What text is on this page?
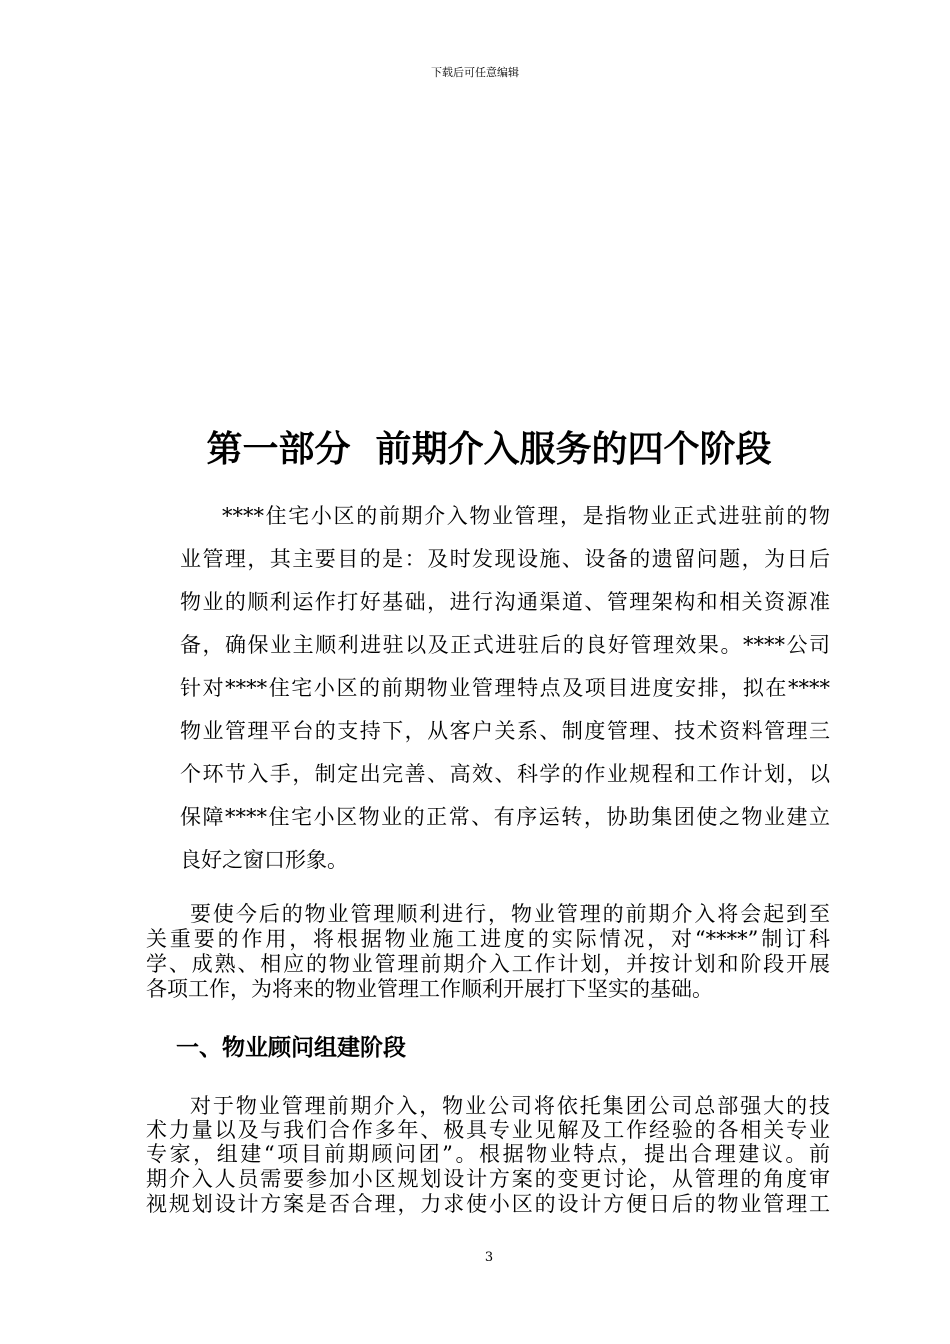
下载后可任意编辑
第一部分  前期介入服务的四个阶段
****住宅小区的前期介入物业管理，是指物业正式进驻前的物
业管理，其主要目的是：及时发现设施、设备的遗留问题，为日后
物业的顺利运作打好基础，进行沟通渠道、管理架构和相关资源准
备，确保业主顺利进驻以及正式进驻后的良好管理效果。****公司
针对****住宅小区的前期物业管理特点及项目进度安排，拟在****
物业管理平台的支持下，从客户关系、制度管理、技术资料管理三
个环节入手，制定出完善、高效、科学的作业规程和工作计划，以
保障****住宅小区物业的正常、有序运转，协助集团使之物业建立
良好之窗口形象。
要使今后的物业管理顺利进行，物业管理的前期介入将会起到至
关重要的作用，将根据物业施工进度的实际情况，对“****”制订科
学、成熟、相应的物业管理前期介入工作计划，并按计划和阶段开展
各项工作，为将来的物业管理工作顺利开展打下坚实的基础。
一、物业顾问组建阶段
对于物业管理前期介入，物业公司将依托集团公司总部强大的技
术力量以及与我们合作多年、极具专业见解及工作经验的各相关专业
专家，组建“项目前期顾问团”。根据物业特点，提出合理建议。前
期介入人员需要参加小区规划设计方案的变更讨论，从管理的角度审
视规划设计方案是否合理，力求使小区的设计方便日后的物业管理工
3
